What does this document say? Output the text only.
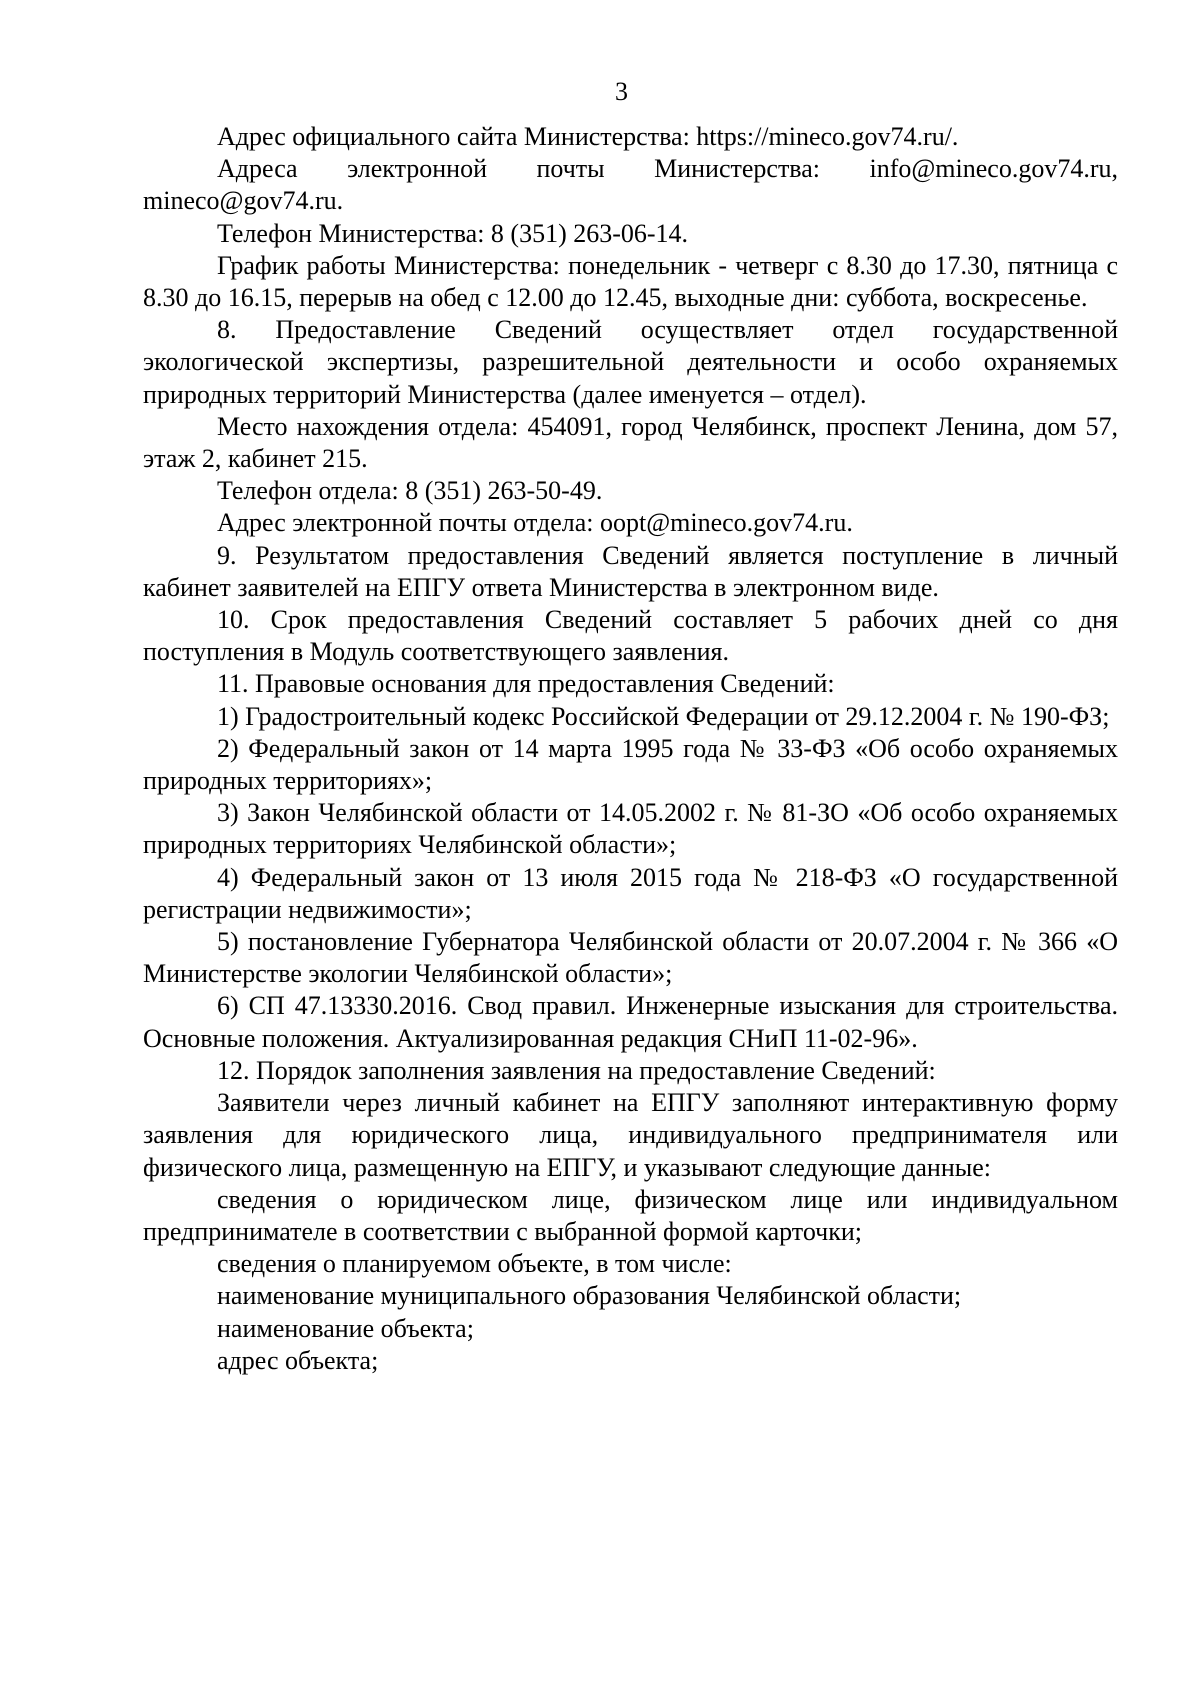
3

Адрес официального сайта Министерства: https://mineco.gov74.ru/.

Адреса электронной почты Министерства: info@mineco.gov74.ru, mineco@gov74.ru.

Телефон Министерства: 8 (351) 263-06-14.

График работы Министерства: понедельник - четверг с 8.30 до 17.30, пятница с 8.30 до 16.15, перерыв на обед с 12.00 до 12.45, выходные дни: суббота, воскресенье.

8. Предоставление Сведений осуществляет отдел государственной экологической экспертизы, разрешительной деятельности и особо охраняемых природных территорий Министерства (далее именуется – отдел).

Место нахождения отдела: 454091, город Челябинск, проспект Ленина, дом 57, этаж 2, кабинет 215.

Телефон отдела: 8 (351) 263-50-49.

Адрес электронной почты отдела: oopt@mineco.gov74.ru.

9. Результатом предоставления Сведений является поступление в личный кабинет заявителей на ЕПГУ ответа Министерства в электронном виде.

10. Срок предоставления Сведений составляет 5 рабочих дней со дня поступления в Модуль соответствующего заявления.

11. Правовые основания для предоставления Сведений:

1) Градостроительный кодекс Российской Федерации от 29.12.2004 г. № 190-ФЗ;

2) Федеральный закон от 14 марта 1995 года № 33-ФЗ «Об особо охраняемых природных территориях»;

3) Закон Челябинской области от 14.05.2002 г. № 81-ЗО «Об особо охраняемых природных территориях Челябинской области»;

4) Федеральный закон от 13 июля 2015 года № 218-ФЗ «О государственной регистрации недвижимости»;

5) постановление Губернатора Челябинской области от 20.07.2004 г. № 366 «О Министерстве экологии Челябинской области»;

6) СП 47.13330.2016. Свод правил. Инженерные изыскания для строительства. Основные положения. Актуализированная редакция СНиП 11-02-96».

12. Порядок заполнения заявления на предоставление Сведений:

Заявители через личный кабинет на ЕПГУ заполняют интерактивную форму заявления для юридического лица, индивидуального предпринимателя или физического лица, размещенную на ЕПГУ, и указывают следующие данные:

сведения о юридическом лице, физическом лице или индивидуальном предпринимателе в соответствии с выбранной формой карточки;

сведения о планируемом объекте, в том числе:

наименование муниципального образования Челябинской области;

наименование объекта;

адрес объекта;
